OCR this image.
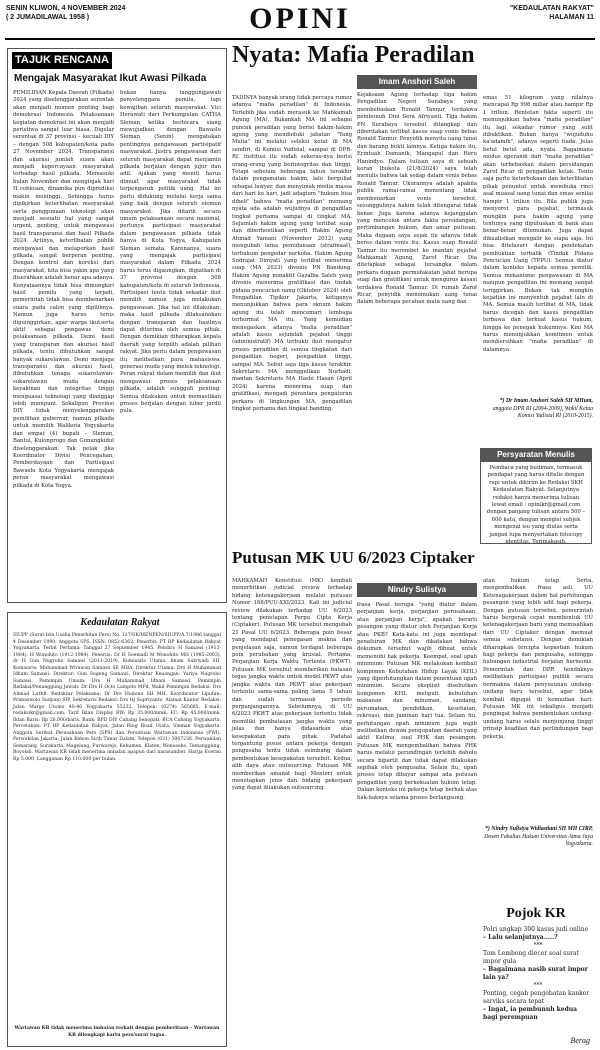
SENIN KLIWON, 4 NOVEMBER 2024
( 2 JUMADILAWAL 1958 )	OPINI	"KEDAULATAN RAKYAT"
HALAMAN 11
TAJUK RENCANA
Mengajak Masyarakat Ikut Awasi Pilkada
PEMILIHAN Kepala Daerah (Pilkada) 2024 yang diselenggarakan serentak akan menjadi momen penting bagi demokrasi Indonesia. Pelaksanaan kegiatan demokrasi ini akan menjadi peristiwa sangat luar biasa. Digelar serentak di 37 provinsi – kecuali DIY – dengan 508 kabupaten/kota pada 27 November 2024. Transparansi dan akurasi jumlah suara akan menjadi kepercayaan masyarakat terhadap hasil pilkada. Memasuki bulan November dan menginjak hari H coblosan, dinamika pun diprediksi makin meninggi. Sehingga harus dipikirkan keterlibatan masyarakat serta penggunaan teknologi akan menjadi sesuatu hal yang sangat urgent, penting, untuk mengawasi hasil transparansi dan hasil Pilkada 2024. Artinya, keterlibatan publik mengawasi dan melaporkan hasil pilkada, sangat berperan penting. Dengan kontrol dan koreksi dari masyarakat, kita bisa yakin apa yang diserahkan adalah benar apa adanya. Kenyataannya tidak bisa dimungkiri hasil pemilu yang terjadi, pemerintah tidak bisa membenarkan suara pada calon yang dipilihnya. Namun juga harus terus diguinggirkan, agar warga ikutserta aktif sebagai pengawas demi pelaksanaan pilkada. Demi hasil yang transparan dan akurasi hasil pilkada, tentu dibutuhkan sangat banyak sukarelawan. Demi menjaga transparansi dan akurasi hasil, dibutuhkan tenaga sukarelawan-sukarelawan muda dengan keyakinan dan integritas tinggi menguasai teknologi yang dianggap lebih mumpuni. Sekalipun Provinsi DIY tidak menyelenggarakan pemilihan gubernur, namun pilkada untuk memilih Walikota Yogyakarta dan empat (4) bupati – Sleman, Bantul, Kulonprogo dan Gunungkidul diselenggarakan. Tak pelak jika Koordinator Divisi Pencegahan, Pemberdayaan dan Partisipasi Bawaslu Kota Yogyakarta mengajak peran masyarakat mengawasi pilkada di Kota Yogya.
bukan hanya tanggungjawab penyelenggara pemilu, tapi kewajiban seluruh masyarakat. Vici Herawati dari Perkumpulan CATHA Sleman ketika berbicara siang mewujudkan dengan Bawaslu Sleman (Senin) mengatakan pentingnya pengawasan partisipatif masyarakat. Justru pengawasan dari seluruh masyarakat dapat menjamin pilkada berjalan dengan jujur dan adil. Ajakan yang meniti harus dimuat agar masyarakat tidak terpengaruh politik uang. Hal ini perlu didukung melalui kerja sama yang baik dengan seluruh elemen masyarakat. Jika ditarik secara umum pelaksanaan secara nasional, perlunya partisipasi masyarakat dalam pengawasan pilkada tidak hanya di Kota Yogya, Kabupaten Sleman semata. Karenanya, suara yang mengajak partisipasi masyarakat dalam Pilkada 2024 harus terus digaungkan, digiatkan di 37 provinsi dengan 508 kabupaten/kota di seluruh Indonesia. Partisipasi tentu tidak sekadar ikut memilih namun juga melakukan pengawasan. Jika hal ini dilakukan, maka hasil pilkada dilaksanakan dengan transparan dan hasilnya dapat diterima oleh semua pihak. Dengan demikian diharapkan kepala daerah yang terpilih adalah pilihan rakyat. Jika perlu dalam pengawasan itu melibatkan para mahasiswa, generasi muda yang melek teknologi. Peran rakyat dalam memilih dan ikut mengawasi proses pelaksanaan pilkada, adalah sungguh penting. Semua dilakukan untuk memastikan proses berjalan dengan luber jurdil pula.
Nyata: Mafia Peradilan
TADINYA banyak orang tidak percaya rumor adanya "mafia peradilan" di Indonesia. Terlebih jika sudah merasuk ke Mahkamah Agung (MA). Bukankah MA ini sebagai puncak peradilan yang berisi hakim-hakim agung yang menduduki jabatan "Yang Mulia" ini melalui seleksi ketat di MA sendiri, di Komisi Yudisial, sampai di DPR-RI. Institusi itu sudah sekeras-nya berisi orang-orang yang berintegritas dan tinggi. Tetapi sebelum beberapa tahun terakhir dalam pengamatan hakim, lalu berguliat sebagai lawyer, dan menyimak media massa dari hari ke hari, jadi adagium "hukum bisa dibeli" bahwa "mafia peradilan" memang nyata ada adalah wujudnya di pengadilan tingkat pertama sampai di tingkat MA. Sejumlah hakim agung yang terlibat suap dan diberhentikan seperti Hakim Agung Ahmad Yamani (November 2012) yang mengubah lama pemidanaan (strafmaat), terhukum pengedar narkoba. Hakim Agung Sudrajat Dimyati yang terlibat menerima suap (MA 2023) divonis PN Bandung. Hakim Agung nonaktif Gazalba Saleh yang divonis menerima gratifikasi dan tindak pidana pencucian uang (Oktober 2024) oleh Pengadilan Tipikor Jakarta, ketiganya menunjukkan bahwa para oknum hakim agung itu telah mencemari lembaga terhormat MA itu. Yang kemudian menegaskan adanya "mafia peradilan" adalah kasus sejumlah pejabat tinggi (administratif) MA terbukti ikut mengatur proses peradilan di semua tingkatan dari pengadilan negeri, pengadilan tinggi, sampai MA. Sebut saja tiga kasus terakhir. Sekretaris MA menggelikan Nurhadi, mantan Sekretaris MA Hasbi Hasan (April 2024) karena menerima suap dan gratifikasi, mengadi perantara pengaturan perkara di lingkungan MA, pengadilan tingkat pertama dan tingkat banding.
Imam Anshori Saleh
Kejaksaan Agung terhadap tiga hakim Pengadilan Negeri Surabaya yang membebaskan Ronald Tannur, terdakwa pembunuh Dini Sera Afriyanti. Tiga hakim PN Surabaya tersebut ditangkap dan diberitakan terlibat kasus suap vonis bebas Ronald Tannur. Penyidik menyita uang tunai dan barang bukti lainnya. Ketiga hakim itu, Erintuah Damanik, Mangapul dan Heru Hanindyo. Dalam tulisan saya di sebuah koran Ibukota (21/8/2024) saya telah menulis bahwa tak sedap dalam vonis bebas Ronald Tannur. Ukurannya adalah apabila publik ramai-ramai menentang tidak membenarkan vonis tersebut, sesungguhnya hakim telah ditengarai tidak benar. Juga karena adanya kejanggalan yang mencolok antara fakta persidangan, pertimbangan hukum, dan amar putusan. Maka dugaan saya sejak itu adanya tidak beres dalam vonis itu. Kasus suap Ronald Tannur itu merembet ke mantan pejabat Mahkamah Agung, Zarof Ricar. Dia ditetapkan sebagai tersangka dalam perkara dugaan permufakatan jahat berupa suap dan gratifikasi untuk mengurus kasasi terdakwa Ronald Tannur. Di rumah Zarof Ricar, penyidik menemukan uang tunai dalam beberapa pecahan mata uang dan
emas 51 kilogram yang nilainya mencapai Rp 996 miliar atau hampir Rp 1 triliun. Rentetan fakta seperti itu menunjukkan bahwa "mafia peradilan" itu lagi sekadar rumor yang sulit dibuktikan. Bukan hanya "wujuduhu ka'adamih", adanya seperti tiada. Jelas betul betul ada, nyata. Bagaimana modus operandi dari "mafia peradilan" akan terbebaskan dalam persidangan Zarof Ricar di pengadilan kelak. Tentu saja perlu keterbukaan dan keterlibatan pihak penuntut untuk membuka rinci asal muasal uang tunai dan emas senilai hampir 1 triliun itu. Bila publik juga menyorot para pejabat, termasuk mungkin para hakim agung yang tentunya yang diputuskan di bank atau benar-benar ditemukan. Juga dapat dikualisikan mengalir ke siapa saja. Ini bisa ditelusuri dengan pendekatan pembuktian terbalik (Tindak Pidana Pencucian Uang (TPPU). Semua diatur dalam konteks kepada semua pemilik. Semua mekanisme pengawasan di MA maupun pengadilan ini memang sangat teriggirkan. Bukan tak mungkin kejadian ini menyentuh pejabat lain di MA. Semua masih terlibat di MA, tidak harus dicegah dan kasus pengadilan terbawa dan terkuat kasus hukum, hingga ke penegak hukumnya. Kini MA harus menunjukkan komitmen untuk membersihkan "mafia peradilan" di dalamnya.
*) Dr Imam Anshori Saleh SH MHum,
anggota DPR RI (2004-2009), Wakil Ketua Komisi Yudisial RI (2010-2015).
Persyaratan Menulis
Pembaca yang budiman, termasuk pendapat yang harus ditulis dengan rapi untuk dikirim ke Redaksi SKH Kedaulatan Rakyat. Selanjutnya redaksi hanya menerima tulisan lewat email : opinikr@gmail.com dengan panjang tulisan antara 500 – 600 kata, dengan mengisi subjek mengenai isu yang diulas serta jangan lupa menyertakan fotocopy identitas. Terimakasih.
Putusan MK UU 6/2023 Ciptaker
MAHKAMAH Konstitusi (MK) kembali menerbitkan judicial review terhadap bidang ketenagakerjaan melalui putusan Nomor 168/PUU-XXI/2023. Kali ini judicial review dilakukan terhadap UU 6/2023 tentang penetapan Perpu Cipta Kerja (Ciptaker). Putusan MK tersebut mengubah 21 Pasal UU 6/2023. Beberapa poin besar yang mendapat penegasan makna dan penjelasan saja, namun terdapat beberapa poin perubahan yang krusial. Pertama, Perjanjian Kerja Waktu Tertentu (PKWT). Putusan MK tersebut memberikan batasan tegas jangka waktu untuk model PKWT atas jangka waktu dan PKWT atas pekerjaan tertentu sama-sama paling lama 5 tahun dan sudah termasuk periode perpanjangannya. Sebelumnya, di UU 6/2023 PKWT atas pekerjaan tertentu tidak memiliki pembatasan jangka waktu yang jelas dan hanya didasarkan atas kesepakatan para pihak. Padahal tergantung posisi antara pekerja dengan pengusaha tentu tidak seimbang dalam pembentukan kesepakatan tersebut. Kedua, alih daya atau outsourcing. Putusan MK memberikan amanat bagi Menteri untuk menetapkan jenis dan bidang pekerjaan yang dapat dilakukan outsourcing.
Nindry Sulistya
frasa Pasal berupa "yang diatur dalam perjanjian kerja, perjanjian perusahaan, atau perjanjian kerja", apakah berarti pesangon yang diatur oleh Perjanjian Kerja atau PKB? Kata-kata ini juga mendapat penafsiran MK dan dikatakan bahwa dokumen tersebut wajib dibuat untuk memenuhi hak pekerja. Keempat, soal upah minimum. Putusan MK melakukan kembali komponen Kebutuhan Hidup Layak (KHL) yang diperhitungkan dalam penentuan upah minimum. Secara eksplisit disebutkan komponen KHL meliputi kebutuhan makanan dan minuman, sandang, perumahan, pendidikan, kesehatan, rekreasi, dan jaminan hari tua. Selain itu, perhitungan upah minimum juga wajib melibatkan dewan pengupahan daerah yang aktif. Kelima, soal PHK dan pesangon. Putusan MK mengembalikan bahwa PHK harus melalui perundingan terlebih dahulu secara bipartit dan tidak dapat dilakukan sepihak oleh pengusaha. Selain itu, upah proses tetap dibayar sampai ada putusan pengadilan yang berkekuatan hukum tetap. Dalam konteks ini pekerja tetap berhak atas hak-haknya selama proses berlangsung.
atan hukum tetap. Serta, mengembalikan frasa asli UU Ketenagakerjaan dalam hal perhitungan pesangon yang lebih adil bagi pekerja. Dengan putusan tersebut, pemerintah harus bergerak cepat membentuk UU ketenagakerjaan baru yang memisahkan dari UU Ciptaker dengan memuat semua substansi. Dengan demikian diharapkan tercipta kepastian hukum bagi pekerja dan pengusaha, sehingga hubungan industrial berjalan harmonis. Pemerintah dan DPR hendaknya melibatkan partisipasi publik secara bermakna dalam penyusunan undang-undang baru tersebut, agar tidak kembali digugat di kemudian hari. Putusan MK ini sekaligus menjadi pengingat bahwa pembentukan undang-undang harus selalu menjunjung tinggi prinsip keadilan dan perlindungan bagi pekerja.
*) Nindry Sulistya Widiastiani SH MH CIRP,
Dosen Fakultas Hukum Universitas Atma Jaya Yogyakarta.
Kedaulatan Rakyat
SIUPP (Surat Izin Usaha Penerbitan Pers) No. 127/SK/MENPEN/SIUPP/A.7/1986 tanggal 4 Desember 1990. Anggota SPS. ISSN: 0852-6362. Penerbit: PT BP Kedaulatan Rakyat Yogyakarta. Terbit Pertama: Tanggal 27 September 1945. Pendiri: H Samawi (1913-1984), H Wonohito (1912-1984). Penerus: Dr H Soemadi M Wonohito MH (1985-2003), dr H Gun Nugroho Samawi (2011-2019). Komisaris Utama: Imam Sutriyadi SH. Komisaris: Muhammad Wirawan Samawi SE MBA. Direktur Utama: Drs H Muhammad Idham Samawi. Direktur: Gun Sugeng Samawi. Direktur Keuangan: Yuriya Nugroho Samawi. Pemimpin Umum: Drs H Muhammad Idham Samawi. Pemimpin Redaksi/Penanggung Jawab: Dr Drs H Octo Lampito MPd. Wakil Pemimpin Redaksi: Drs Ahmad Luthfi. Redaktur Pelaksana: Dr Drs Hudono SH MH. Koordinator Liputan: Primaswolo Sudjono SIP. Sekretaris Redaksi: Drs Hj Supriyanto. Alamat Kantor Redaksi: Jalan Margo Utomo 40-46 Yogyakarta 55232. Telepon: (0274) 565685. E-mail: redaksikr@gmail.com. Tarif Iklan Display BW: Rp 35.000/mmk, FC: Rp 45.000/mmk. Iklan Baris: Rp 20.000/baris. Bank: BPD DIY Cabang Senopati, BCA Cabang Yogyakarta. Percetakan: PT BP Kedaulatan Rakyat, Jalan Ring Road Utara, Sleman Yogyakarta. Anggota Serikat Perusahaan Pers (SPS) dan Persatuan Wartawan Indonesia (PWI). Perwakilan Jakarta: Jalan Kebon Sirih Timur Dalam, Telepon (021) 3907236. Perwakilan Semarang, Surakarta, Magelang, Purworejo, Kebumen, Klaten, Wonosobo, Temanggung, Boyolali. Wartawan KR tidak menerima imbalan apapun dari narasumber. Harga Eceran Rp 5.000, Langganan Rp 110.000 per bulan.
Wartawan KR tidak menerima imbalan terkait dengan pemberitaan – Wartawan KR dilengkapi kartu pers/surat tugas.
Pojok KR
Polri ungkap 300 kasus judi online
– Lalu selanjutnya.....?
***
Tom Lembong diecer soal surat impor gula
– Bagaimana nasib surat impor lain ya?
***
Penting, cegah pengobatan kanker serviks secara tepat
– Ingat, ia pembunuh kedua bagi perempuan
Berag
